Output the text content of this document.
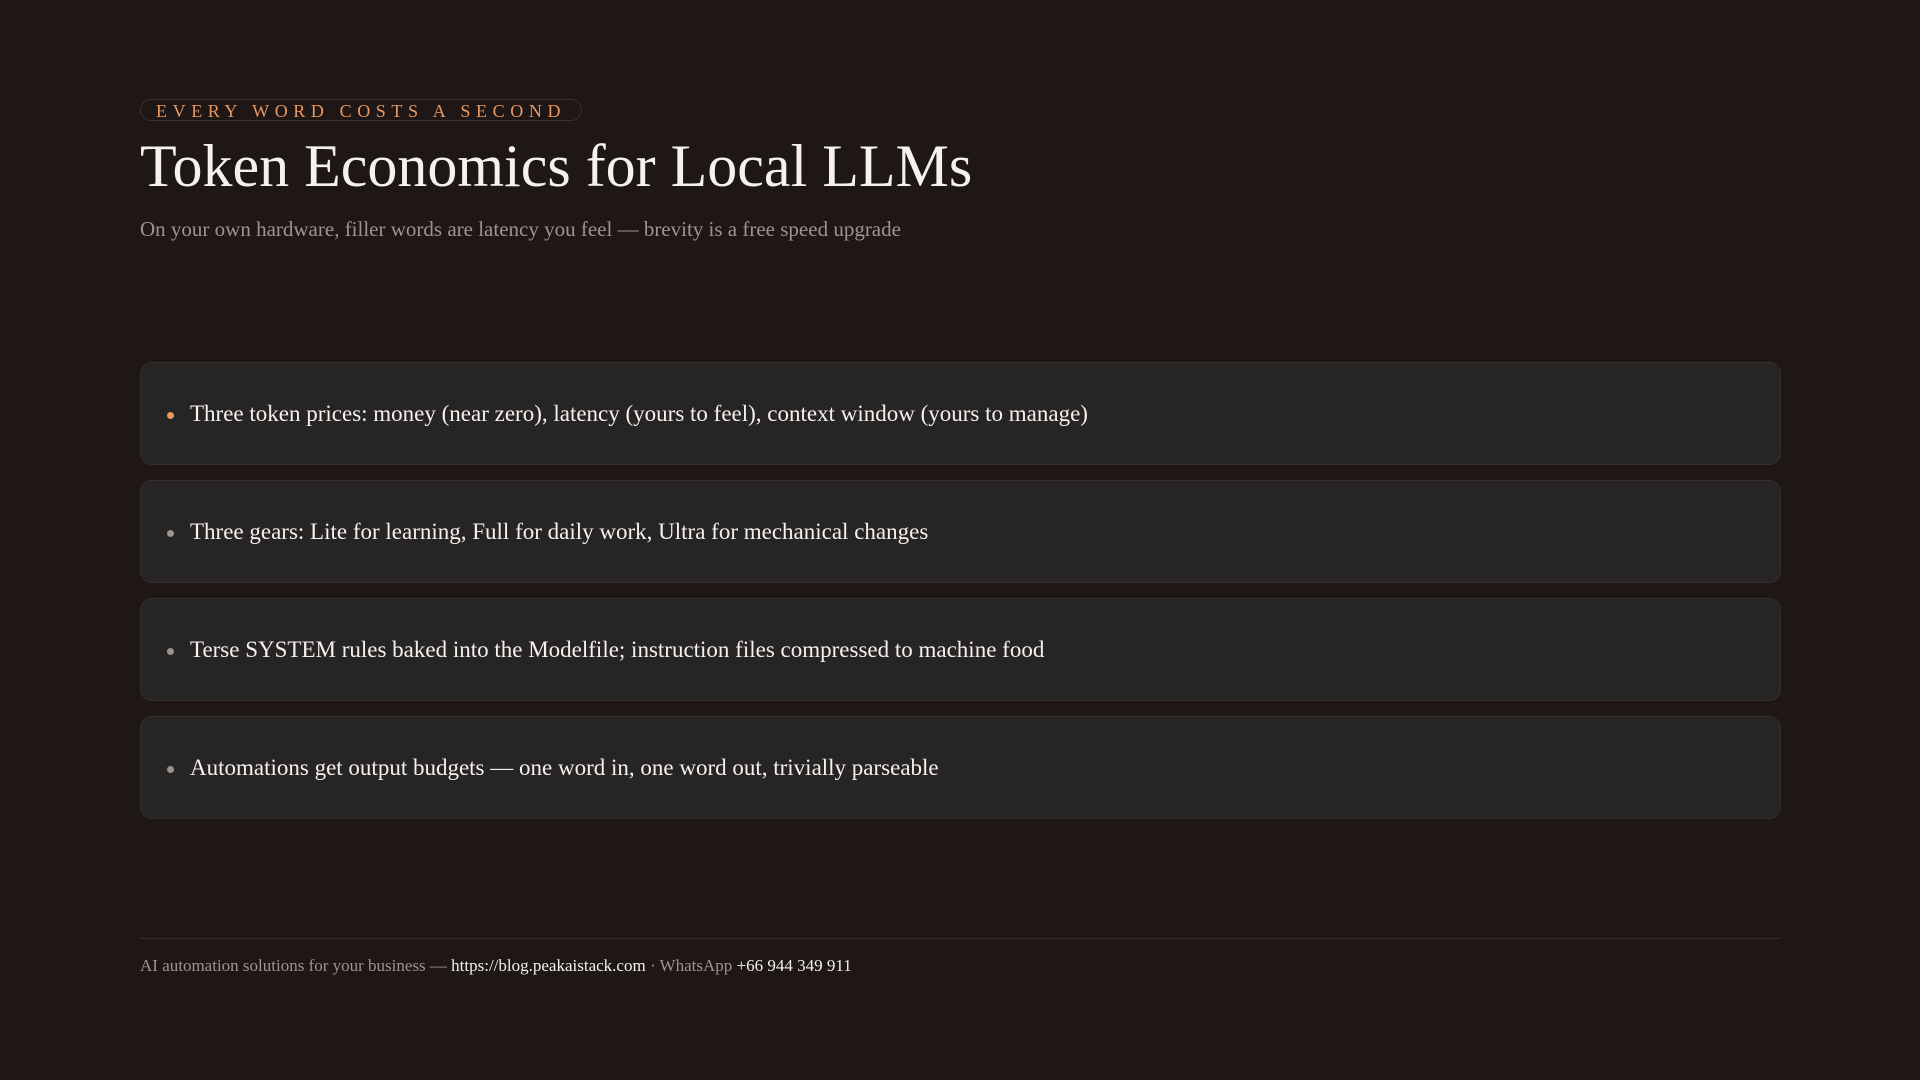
EVERY WORD COSTS A SECOND
Token Economics for Local LLMs

On your own hardware, filler words are latency you feel — brevity is a free speed upgrade

Three token prices: money (near zero), latency (yours to feel), context window (yours to manage)
Three gears: Lite for learning, Full for daily work, Ultra for mechanical changes
Terse SYSTEM rules baked into the Modelfile; instruction files compressed to machine food
Automations get output budgets — one word in, one word out, trivially parseable
AI automation solutions for your business — https://blog.peakaistack.com · WhatsApp +66 944 349 911
